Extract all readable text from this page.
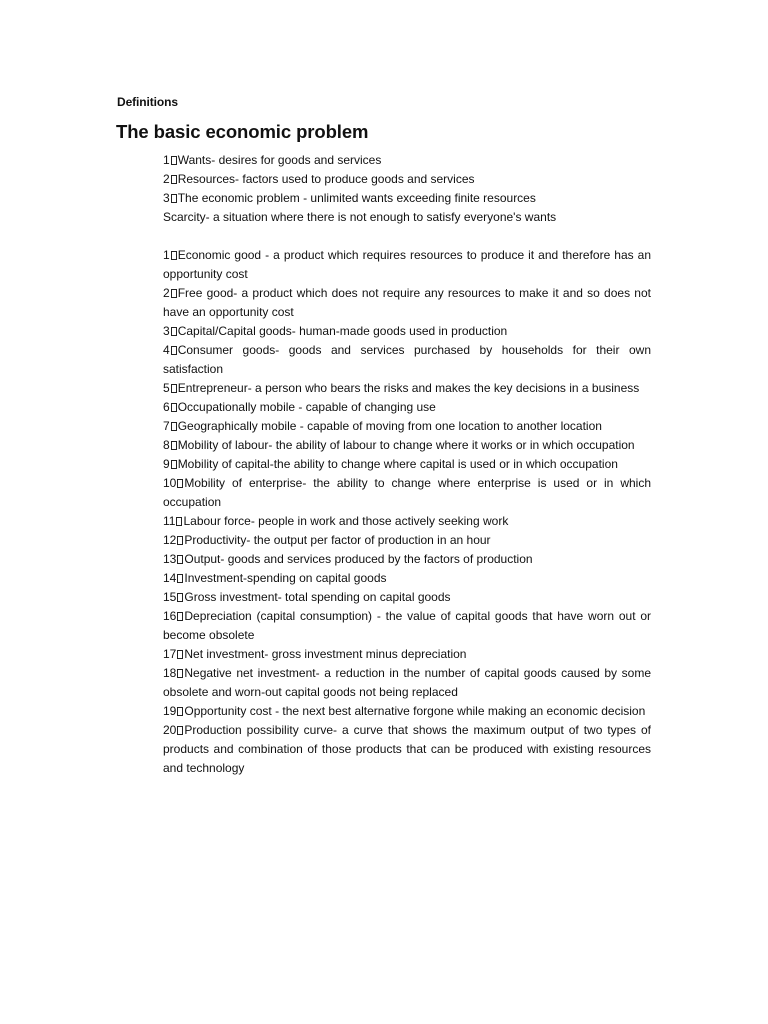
Definitions
The basic economic problem

1 Wants- desires for goods and services

2 Resources- factors used to produce goods and services

3 The economic problem - unlimited wants exceeding finite resources

Scarcity- a situation where there is not enough to satisfy everyone's wants

1 Economic good - a product which requires resources to produce it and therefore has an opportunity cost

2 Free good- a product which does not require any resources to make it and so does not have an opportunity cost

3 Capital/Capital goods- human-made goods used in production

4 Consumer goods- goods and services purchased by households for their own satisfaction

5 Entrepreneur- a person who bears the risks and makes the key decisions in a business

6 Occupationally mobile - capable of changing use

7 Geographically mobile - capable of moving from one location to another location

8 Mobility of labour- the ability of labour to change where it works or in which occupation

9 Mobility of capital-the ability to change where capital is used or in which occupation

10 Mobility of enterprise- the ability to change where enterprise is used or in which occupation

11 Labour force- people in work and those actively seeking work

12 Productivity- the output per factor of production in an hour

13 Output- goods and services produced by the factors of production

14 Investment-spending on capital goods

15 Gross investment- total spending on capital goods

16 Depreciation (capital consumption) - the value of capital goods that have worn out or become obsolete

17 Net investment- gross investment minus depreciation

18 Negative net investment- a reduction in the number of capital goods caused by some obsolete and worn-out capital goods not being replaced

19 Opportunity cost - the next best alternative forgone while making an economic decision

20 Production possibility curve- a curve that shows the maximum output of two types of products and combination of those products that can be produced with existing resources and technology
